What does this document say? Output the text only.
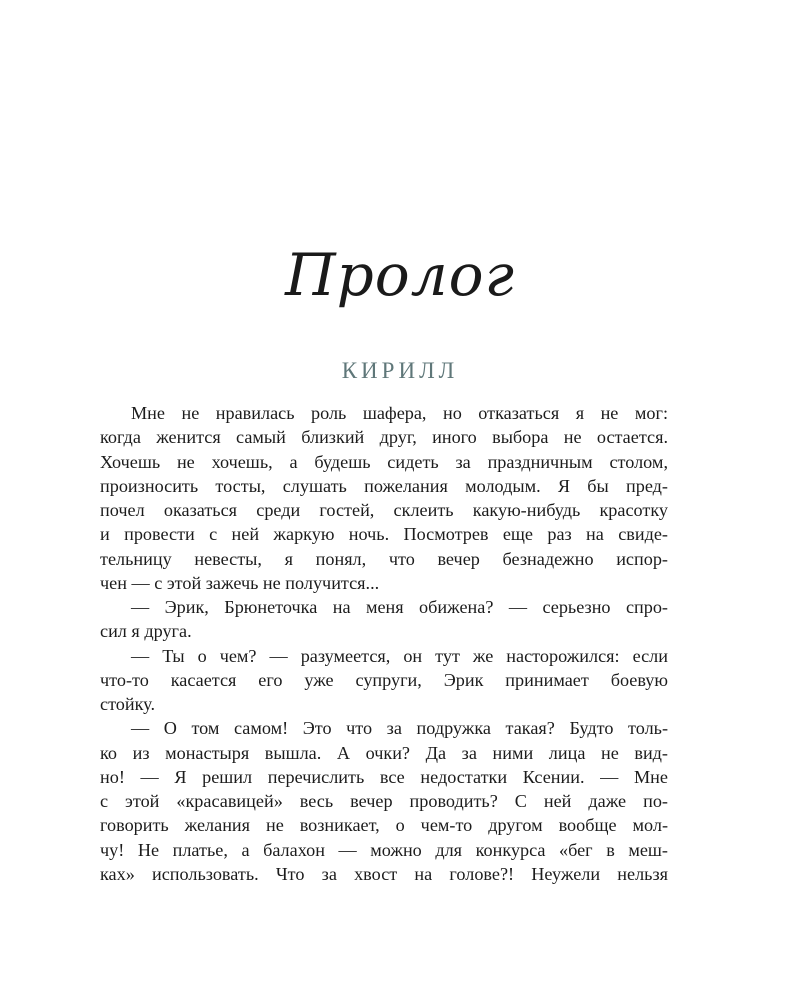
Пролог
КИРИЛЛ
Мне не нравилась роль шафера, но отказаться я не мог:
когда женится самый близкий друг, иного выбора не остается.
Хочешь не хочешь, а будешь сидеть за праздничным столом,
произносить тосты, слушать пожелания молодым. Я бы пред-
почел оказаться среди гостей, склеить какую-нибудь красотку
и провести с ней жаркую ночь. Посмотрев еще раз на свиде-
тельницу невесты, я понял, что вечер безнадежно испор-
чен — с этой зажечь не получится...
— Эрик, Брюнеточка на меня обижена? — серьезно спро-
сил я друга.
— Ты о чем? — разумеется, он тут же насторожился: если
что-то касается его уже супруги, Эрик принимает боевую
стойку.
— О том самом! Это что за подружка такая? Будто толь-
ко из монастыря вышла. А очки? Да за ними лица не вид-
но! — Я решил перечислить все недостатки Ксении. — Мне
с этой «красавицей» весь вечер проводить? С ней даже по-
говорить желания не возникает, о чем-то другом вообще мол-
чу! Не платье, а балахон — можно для конкурса «бег в меш-
ках» использовать. Что за хвост на голове?! Неужели нельзя
